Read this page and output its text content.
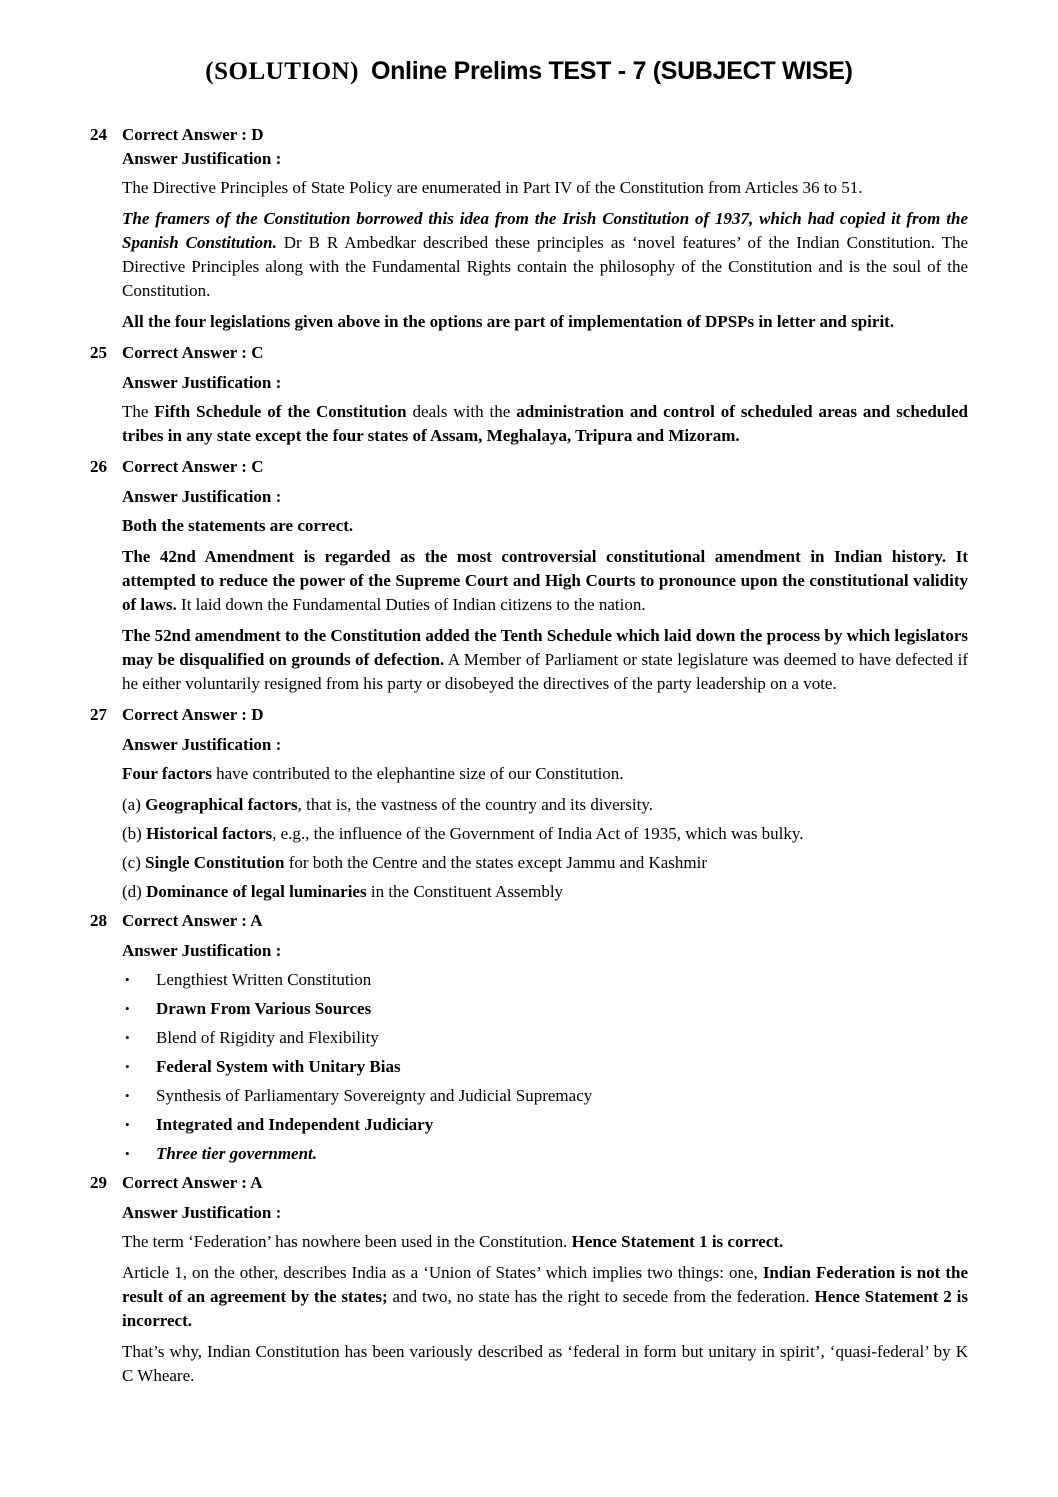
(SOLUTION) Online Prelims TEST - 7 (SUBJECT WISE)
24 Correct Answer : D

Answer Justification :

The Directive Principles of State Policy are enumerated in Part IV of the Constitution from Articles 36 to 51.

The framers of the Constitution borrowed this idea from the Irish Constitution of 1937, which had copied it from the Spanish Constitution. Dr B R Ambedkar described these principles as ‘novel features’ of the Indian Constitution. The Directive Principles along with the Fundamental Rights contain the philosophy of the Constitution and is the soul of the Constitution.

All the four legislations given above in the options are part of implementation of DPSPs in letter and spirit.

25 Correct Answer : C

Answer Justification :

The Fifth Schedule of the Constitution deals with the administration and control of scheduled areas and scheduled tribes in any state except the four states of Assam, Meghalaya, Tripura and Mizoram.

26 Correct Answer : C

Answer Justification :

Both the statements are correct.

The 42nd Amendment is regarded as the most controversial constitutional amendment in Indian history. It attempted to reduce the power of the Supreme Court and High Courts to pronounce upon the constitutional validity of laws. It laid down the Fundamental Duties of Indian citizens to the nation.

The 52nd amendment to the Constitution added the Tenth Schedule which laid down the process by which legislators may be disqualified on grounds of defection. A Member of Parliament or state legislature was deemed to have defected if he either voluntarily resigned from his party or disobeyed the directives of the party leadership on a vote.

27 Correct Answer : D

Answer Justification :

Four factors have contributed to the elephantine size of our Constitution.

(a) Geographical factors, that is, the vastness of the country and its diversity.

(b) Historical factors, e.g., the influence of the Government of India Act of 1935, which was bulky.

(c) Single Constitution for both the Centre and the states except Jammu and Kashmir

(d) Dominance of legal luminaries in the Constituent Assembly

28 Correct Answer : A

Answer Justification :

•	Lengthiest Written Constitution
•	Drawn From Various Sources
•	Blend of Rigidity and Flexibility
•	Federal System with Unitary Bias
•	Synthesis of Parliamentary Sovereignty and Judicial Supremacy
•	Integrated and Independent Judiciary
•	Three tier government.
29 Correct Answer : A

Answer Justification :

The term ‘Federation’ has nowhere been used in the Constitution. Hence Statement 1 is correct.

Article 1, on the other, describes India as a ‘Union of States’ which implies two things: one, Indian Federation is not the result of an agreement by the states; and two, no state has the right to secede from the federation. Hence Statement 2 is incorrect.

That’s why, Indian Constitution has been variously described as ‘federal in form but unitary in spirit’, ‘quasi-federal’ by K C Wheare.
